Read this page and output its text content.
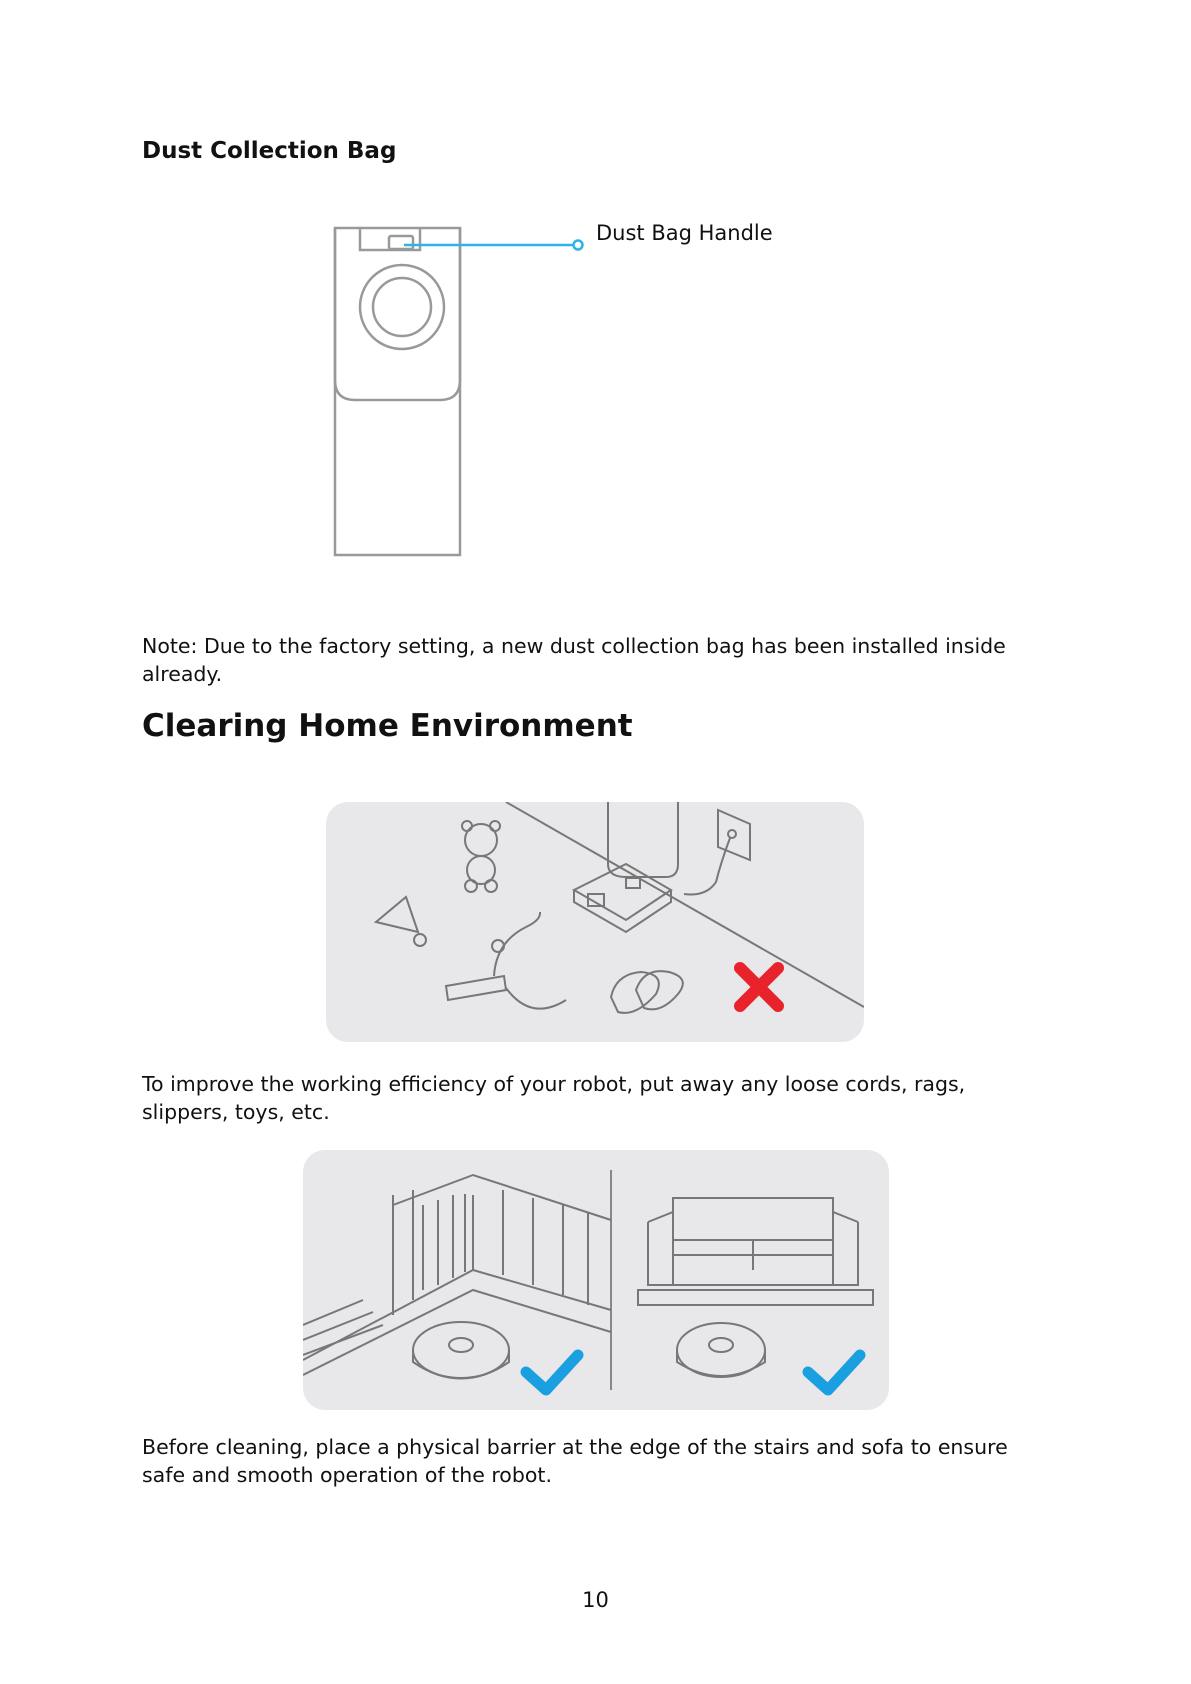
Dust Collection Bag
Dust Bag Handle

Note: Due to the factory setting, a new dust collection bag has been installed inside already.

Clearing Home Environment

To improve the working efficiency of your robot, put away any loose cords, rags, slippers, toys, etc.

Before cleaning, place a physical barrier at the edge of the stairs and sofa to ensure safe and smooth operation of the robot.

10
